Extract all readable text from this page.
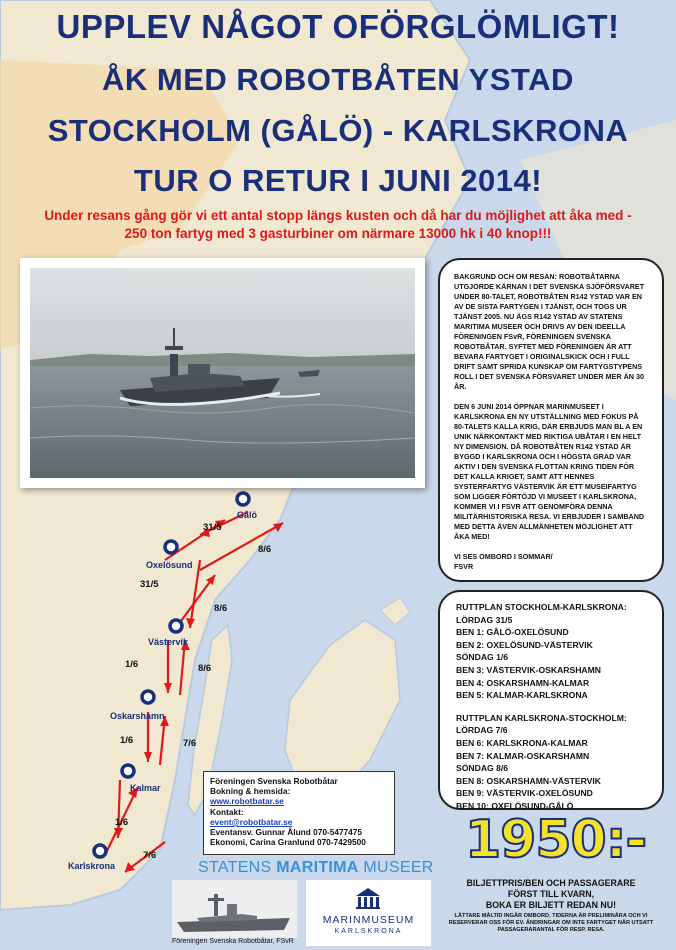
UPPLEV NÅGOT OFÖRGLÖMLIGT!
ÅK MED ROBOTBÅTEN YSTAD
STOCKHOLM (GÅLÖ) - KARLSKRONA
TUR O RETUR I JUNI 2014!
Under resans gång gör vi ett antal stopp längs kusten och då har du möjlighet att åka med -
250 ton fartyg med 3 gasturbiner om närmare 13000 hk i 40 knop!!!

BAKGRUND OCH OM RESAN: ROBOTBÅTARNA UTGJORDE KÄRNAN I DET SVENSKA SJÖFÖRSVARET UNDER 80-TALET, ROBOTBÅTEN R142 YSTAD VAR EN AV DE SISTA FARTYGEN I TJÄNST, OCH TOGS UR TJÄNST 2005. NU ÄGS R142 YSTAD AV STATENS MARITIMA MUSEER OCH DRIVS AV DEN IDEELLA FÖRENINGEN FSvR, FÖRENINGEN SVENSKA ROBOTBÅTAR. SYFTET MED FÖRENINGEN ÄR ATT BEVARA FARTYGET I ORIGINALSKICK OCH I FULL DRIFT SAMT SPRIDA KUNSKAP OM FARTYGSTYPENS ROLL I DET SVENSKA FÖRSVARET UNDER MER ÄN 30 ÅR.

DEN 6 JUNI 2014 ÖPPNAR MARINMUSEET I KARLSKRONA EN NY UTSTÄLLNING MED FOKUS PÅ 80-TALETS KALLA KRIG, DÄR ERBJUDS MAN BL A EN UNIK NÄRKONTAKT MED RIKTIGA UBÅTAR I EN HELT NY DIMENSION. DÅ ROBOTBÅTEN R142 YSTAD ÄR BYGGD I KARLSKRONA OCH I HÖGSTA GRAD VAR AKTIV I DEN SVENSKA FLOTTAN KRING TIDEN FÖR DET KALLA KRIGET, SAMT ATT HENNES SYSTERFARTYG VÄSTERVIK ÄR ETT MUSEIFARTYG SOM LIGGER FÖRTÖJD VI MUSEET I KARLSKRONA, KOMMER VI I FSVR ATT GENOMFÖRA DENNA MILITÄRHISTORISKA RESA. VI ERBJUDER I SAMBAND MED DETTA ÄVEN ALLMÄNHETEN MÖJLIGHET ATT ÅKA MED!

VI SES OMBORD I SOMMAR/
FSVR
RUTTPLAN STOCKHOLM-KARLSKRONA:
LÖRDAG 31/5
BEN 1: GÅLÖ-OXELÖSUND
BEN 2: OXELÖSUND-VÄSTERVIK
SÖNDAG 1/6
BEN 3: VÄSTERVIK-OSKARSHAMN
BEN 4: OSKARSHAMN-KALMAR
BEN 5: KALMAR-KARLSKRONA
RUTTPLAN KARLSKRONA-STOCKHOLM:
LÖRDAG 7/6
BEN 6: KARLSKRONA-KALMAR
BEN 7: KALMAR-OSKARSHAMN
SÖNDAG 8/6
BEN 8: OSKARSHAMN-VÄSTERVIK
BEN 9: VÄSTERVIK-OXELÖSUND
BEN 10: OXELÖSUND-GÅLÖ
1950:-
BILJETTPRIS/BEN OCH PASSAGERARE
FÖRST TILL KVARN,
BOKA ER BILJETT REDAN NU!
LÄTTARE MÅLTID INGÅR OMBORD. TIDERNA ÄR PRELIMINÄRA OCH VI RESERVERAR OSS FÖR EV. ÄNDRINGAR OM INTE FARTYGET NÅR UTSATT PASSAGERARANTAL FÖR RESP. RESA.
Föreningen Svenska Robotbåtar
Bokning & hemsida:
www.robotbatar.se
Kontakt:
event@robotbatar.se
Eventansv. Gunnar Ålund 070-5477475
Ekonomi, Carina Granlund 070-7429500
STATENS MARITIMA MUSEER
Föreningen Svenska Robotbåtar, FSvR
MARINMUSEUM
KARLSKRONA
Gålö
Oxelösund
Västervik
Oskarshamn
Kalmar
Karlskrona
31/5
8/6
31/5
8/6
1/6	8/6
1/6	7/6
1/6
7/6
